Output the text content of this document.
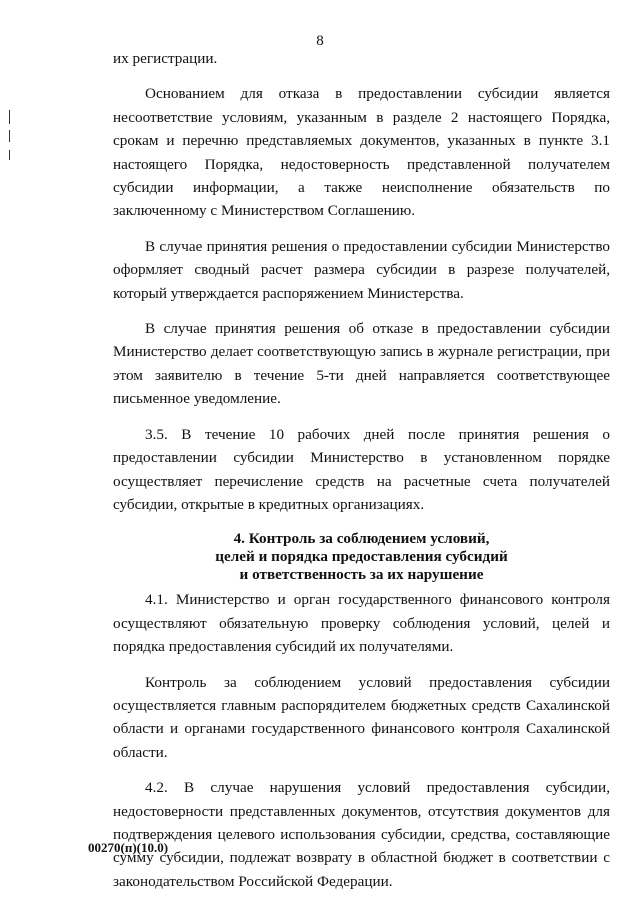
8

их регистрации.

Основанием для отказа в предоставлении субсидии является несоответствие условиям, указанным в разделе 2 настоящего Порядка, срокам и перечню представляемых документов, указанных в пункте 3.1 настоящего Порядка, недостоверность представленной получателем субсидии информации, а также неисполнение обязательств по заключенному с Министерством Соглашению.

В случае принятия решения о предоставлении субсидии Министерство оформляет сводный расчет размера субсидии в разрезе получателей, который утверждается распоряжением Министерства.

В случае принятия решения об отказе в предоставлении субсидии Министерство делает соответствующую запись в журнале регистрации, при этом заявителю в течение 5-ти дней направляется соответствующее письменное уведомление.

3.5. В течение 10 рабочих дней после принятия решения о предоставлении субсидии Министерство в установленном порядке осуществляет перечисление средств на расчетные счета получателей субсидии, открытые в кредитных организациях.

4. Контроль за соблюдением условий,
целей и порядка предоставления субсидий
и ответственность за их нарушение

4.1. Министерство и орган государственного финансового контроля осуществляют обязательную проверку соблюдения условий, целей и порядка предоставления субсидий их получателями.

Контроль за соблюдением условий предоставления субсидии осуществляется главным распорядителем бюджетных средств Сахалинской области и органами государственного финансового контроля Сахалинской области.

4.2. В случае нарушения условий предоставления субсидии, недостоверности представленных документов, отсутствия документов для подтверждения целевого использования субсидии, средства, составляющие сумму субсидии, подлежат возврату в областной бюджет в соответствии с законодательством Российской Федерации.

00270(п)(10.0)
